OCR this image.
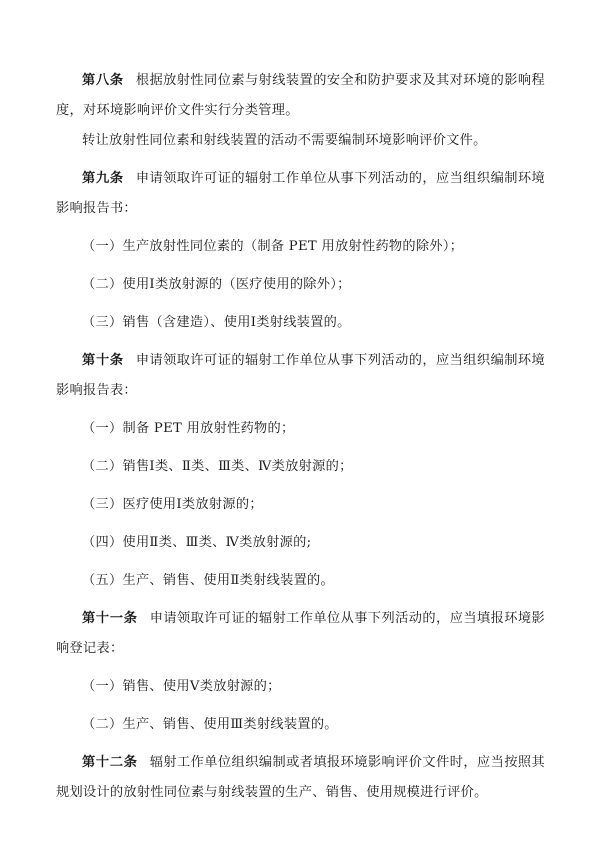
第八条 根据放射性同位素与射线装置的安全和防护要求及其对环境的影响程度，对环境影响评价文件实行分类管理。

转让放射性同位素和射线装置的活动不需要编制环境影响评价文件。

第九条 申请领取许可证的辐射工作单位从事下列活动的，应当组织编制环境影响报告书：

（一）生产放射性同位素的（制备 PET 用放射性药物的除外）；

（二）使用Ⅰ类放射源的（医疗使用的除外）；

（三）销售（含建造）、使用Ⅰ类射线装置的。

第十条 申请领取许可证的辐射工作单位从事下列活动的，应当组织编制环境影响报告表：

（一）制备 PET 用放射性药物的；

（二）销售Ⅰ类、Ⅱ类、Ⅲ类、Ⅳ类放射源的；

（三）医疗使用Ⅰ类放射源的；

（四）使用Ⅱ类、Ⅲ类、Ⅳ类放射源的;

（五）生产、销售、使用Ⅱ类射线装置的。

第十一条 申请领取许可证的辐射工作单位从事下列活动的，应当填报环境影响登记表：

（一）销售、使用Ⅴ类放射源的；

（二）生产、销售、使用Ⅲ类射线装置的。

第十二条 辐射工作单位组织编制或者填报环境影响评价文件时，应当按照其规划设计的放射性同位素与射线装置的生产、销售、使用规模进行评价。
